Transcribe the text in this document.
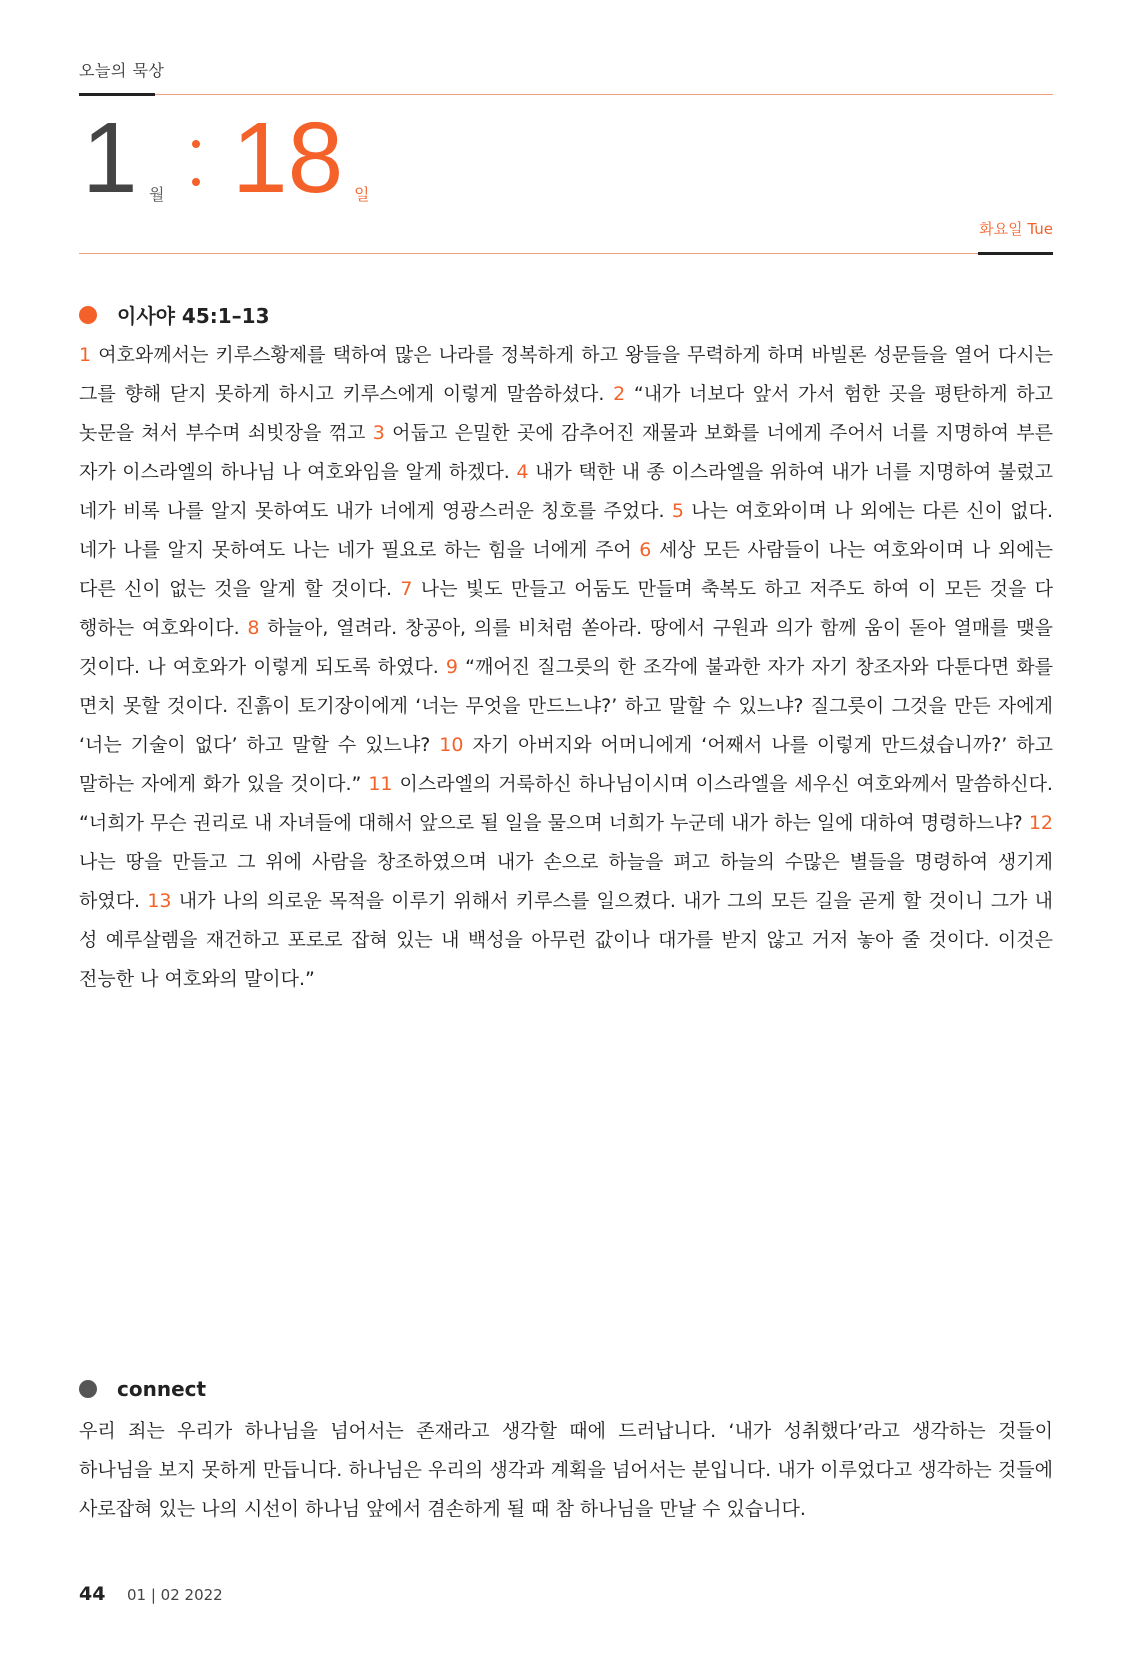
오늘의 묵상
1 월 18 일
화요일 Tue
이사야 45:1–13

1 여호와께서는 키루스황제를 택하여 많은 나라를 정복하게 하고 왕들을 무력하게 하며 바빌론 성문들을 열어 다시는 그를 향해 닫지 못하게 하시고 키루스에게 이렇게 말씀하셨다. 2 “내가 너보다 앞서 가서 험한 곳을 평탄하게 하고 놋문을 쳐서 부수며 쇠빗장을 꺾고 3 어둡고 은밀한 곳에 감추어진 재물과 보화를 너에게 주어서 너를 지명하여 부른 자가 이스라엘의 하나님 나 여호와임을 알게 하겠다. 4 내가 택한 내 종 이스라엘을 위하여 내가 너를 지명하여 불렀고 네가 비록 나를 알지 못하여도 내가 너에게 영광스러운 칭호를 주었다. 5 나는 여호와이며 나 외에는 다른 신이 없다. 네가 나를 알지 못하여도 나는 네가 필요로 하는 힘을 너에게 주어 6 세상 모든 사람들이 나는 여호와이며 나 외에는 다른 신이 없는 것을 알게 할 것이다. 7 나는 빛도 만들고 어둠도 만들며 축복도 하고 저주도 하여 이 모든 것을 다 행하는 여호와이다. 8 하늘아, 열려라. 창공아, 의를 비처럼 쏟아라. 땅에서 구원과 의가 함께 움이 돋아 열매를 맺을 것이다. 나 여호와가 이렇게 되도록 하였다. 9 “깨어진 질그릇의 한 조각에 불과한 자가 자기 창조자와 다툰다면 화를 면치 못할 것이다. 진흙이 토기장이에게 ‘너는 무엇을 만드느냐?’ 하고 말할 수 있느냐? 질그릇이 그것을 만든 자에게 ‘너는 기술이 없다’ 하고 말할 수 있느냐? 10 자기 아버지와 어머니에게 ‘어째서 나를 이렇게 만드셨습니까?’ 하고 말하는 자에게 화가 있을 것이다.” 11 이스라엘의 거룩하신 하나님이시며 이스라엘을 세우신 여호와께서 말씀하신다. “너희가 무슨 권리로 내 자녀들에 대해서 앞으로 될 일을 물으며 너희가 누군데 내가 하는 일에 대하여 명령하느냐? 12 나는 땅을 만들고 그 위에 사람을 창조하였으며 내가 손으로 하늘을 펴고 하늘의 수많은 별들을 명령하여 생기게 하였다. 13 내가 나의 의로운 목적을 이루기 위해서 키루스를 일으켰다. 내가 그의 모든 길을 곧게 할 것이니 그가 내 성 예루살렘을 재건하고 포로로 잡혀 있는 내 백성을 아무런 값이나 대가를 받지 않고 거저 놓아 줄 것이다. 이것은 전능한 나 여호와의 말이다.”

connect

우리 죄는 우리가 하나님을 넘어서는 존재라고 생각할 때에 드러납니다. ‘내가 성취했다’라고 생각하는 것들이 하나님을 보지 못하게 만듭니다. 하나님은 우리의 생각과 계획을 넘어서는 분입니다. 내가 이루었다고 생각하는 것들에 사로잡혀 있는 나의 시선이 하나님 앞에서 겸손하게 될 때 참 하나님을 만날 수 있습니다.

44 01 | 02 2022
